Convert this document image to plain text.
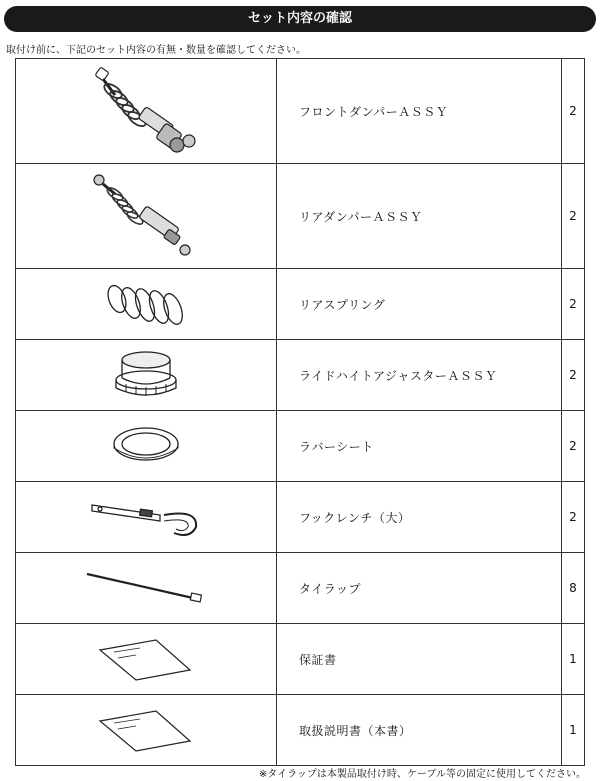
セット内容の確認
取付け前に、下記のセット内容の有無・数量を確認してください。
	フロントダンパーＡＳＳＹ	2

	リアダンパーＡＳＳＹ	2

	リアスプリング	2

	ライドハイトアジャスターＡＳＳＹ	2

	ラバーシート	2

	フックレンチ（大）	2

	タイラップ	8

	保証書	1

	取扱説明書（本書）	1
※タイラップは本製品取付け時、ケーブル等の固定に使用してください。
